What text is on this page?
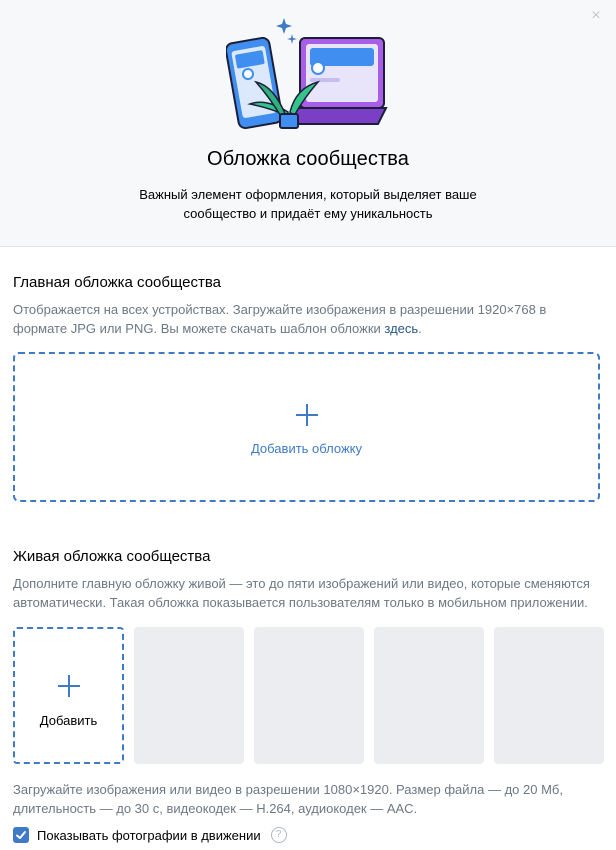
×
Обложка сообщества
Важный элемент оформления, который выделяет ваше сообщество и придаёт ему уникальность
Главная обложка сообщества
Отображается на всех устройствах. Загружайте изображения в разрешении 1920×768 в формате JPG или PNG. Вы можете скачать шаблон обложки здесь.
Добавить обложку
Живая обложка сообщества
Дополните главную обложку живой — это до пяти изображений или видео, которые сменяются автоматически. Такая обложка показывается пользователям только в мобильном приложении.
Добавить
Загружайте изображения или видео в разрешении 1080×1920. Размер файла — до 20 Мб, длительность — до 30 с, видеокодек — H.264, аудиокодек — AAC.
Показывать фотографии в движении	?
